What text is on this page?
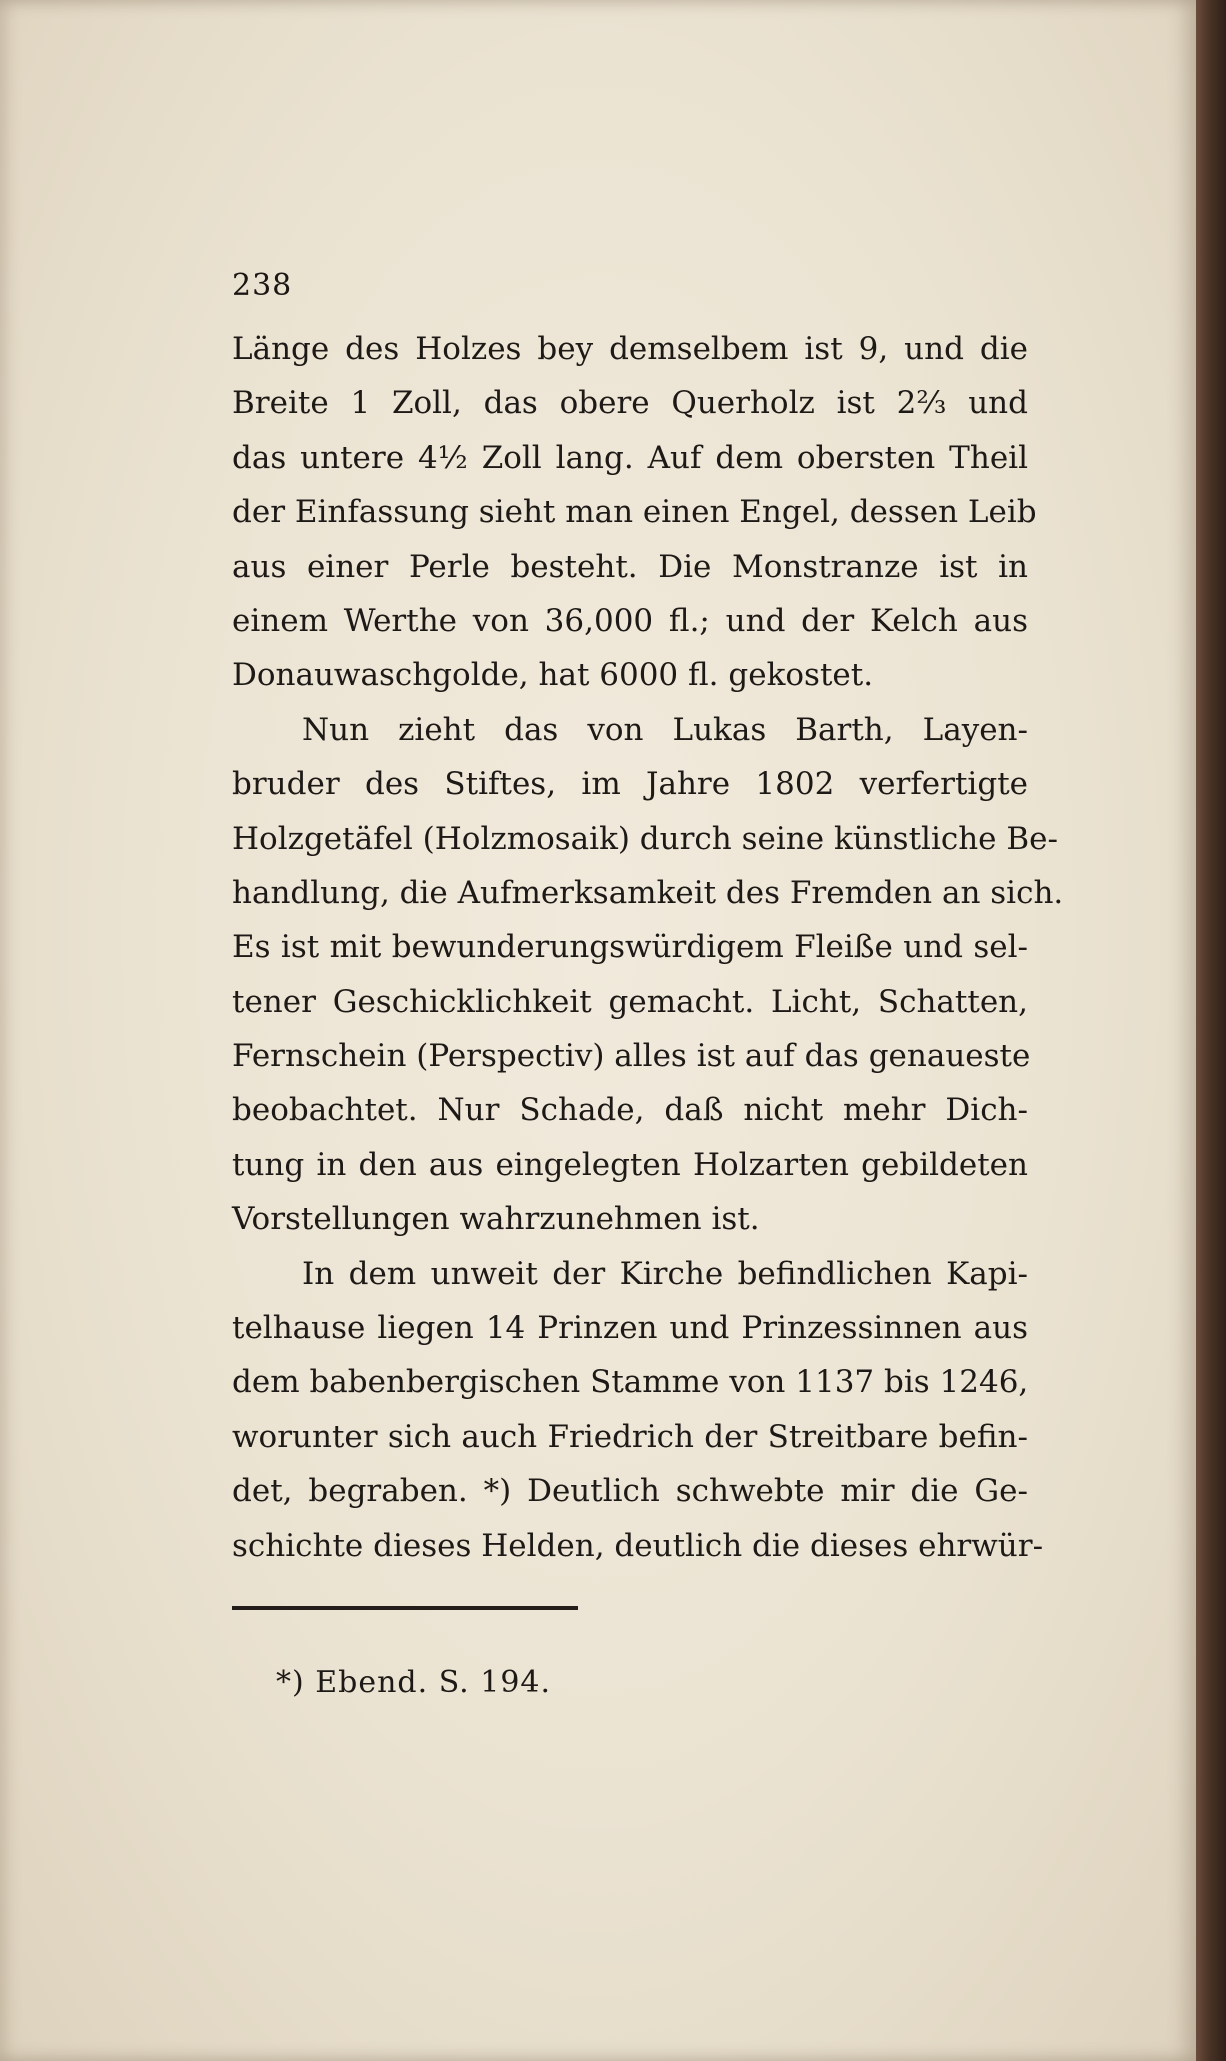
238
Länge des Holzes bey demselbem ist 9, und die
Breite 1 Zoll, das obere Querholz ist 2⅔ und
das untere 4½ Zoll lang. Auf dem obersten Theil
der Einfassung sieht man einen Engel, dessen Leib
aus einer Perle besteht. Die Monstranze ist in
einem Werthe von 36,000 fl.; und der Kelch aus
Donauwaschgolde, hat 6000 fl. gekostet.
Nun zieht das von Lukas Barth, Layen-
bruder des Stiftes, im Jahre 1802 verfertigte
Holzgetäfel (Holzmosaik) durch seine künstliche Be-
handlung, die Aufmerksamkeit des Fremden an sich.
Es ist mit bewunderungswürdigem Fleiße und sel-
tener Geschicklichkeit gemacht. Licht, Schatten,
Fernschein (Perspectiv) alles ist auf das genaueste
beobachtet. Nur Schade, daß nicht mehr Dich-
tung in den aus eingelegten Holzarten gebildeten
Vorstellungen wahrzunehmen ist.
In dem unweit der Kirche befindlichen Kapi-
telhause liegen 14 Prinzen und Prinzessinnen aus
dem babenbergischen Stamme von 1137 bis 1246,
worunter sich auch Friedrich der Streitbare befin-
det, begraben. *) Deutlich schwebte mir die Ge-
schichte dieses Helden, deutlich die dieses ehrwür-
*) Ebend. S. 194.
